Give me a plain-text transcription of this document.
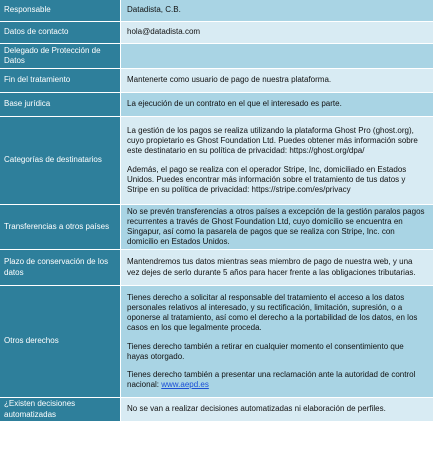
Responsable	Datadista, C.B.
Datos de contacto	hola@datadista.com
Delegado de Protección de Datos	
Fin del tratamiento	Mantenerte como usuario de pago de nuestra plataforma.
Base jurídica	La ejecución de un contrato en el que el interesado es parte.
Categorías de destinatarios	La gestión de los pagos se realiza utilizando la plataforma Ghost Pro (ghost.org), cuyo propietario es Ghost Foundation Ltd. Puedes obtener más información sobre este destinatario en su política de privacidad: https://ghost.org/dpa/

Además, el pago se realiza con el operador Stripe, Inc, domiciliado en Estados Unidos. Puedes encontrar más información sobre el tratamiento de tus datos y Stripe en su política de privacidad: https://stripe.com/es/privacy

Transferencias a otros países	No se prevén transferencias a otros países a excepción de la gestión paralos pagos recurrentes a través de Ghost Foundation Ltd, cuyo domicilio se encuentra en Singapur, así como la pasarela de pagos que se realiza con Stripe, Inc. con domicilio en Estados Unidos.
Plazo de conservación de los datos	Mantendremos tus datos mientras seas miembro de pago de nuestra web, y una vez dejes de serlo durante 5 años para hacer frente a las obligaciones tributarias.
Otros derechos	Tienes derecho a solicitar al responsable del tratamiento el acceso a los datos personales relativos al interesado, y su rectificación, limitación, supresión, o a oponerse al tratamiento, así como el derecho a la portabilidad de los datos, en los casos en los que legalmente proceda.

Tienes derecho también a retirar en cualquier momento el consentimiento que hayas otorgado.

Tienes derecho también a presentar una reclamación ante la autoridad de control nacional: www.aepd.es

¿Existen decisiones automatizadas	No se van a realizar decisiones automatizadas ni elaboración de perfiles.
